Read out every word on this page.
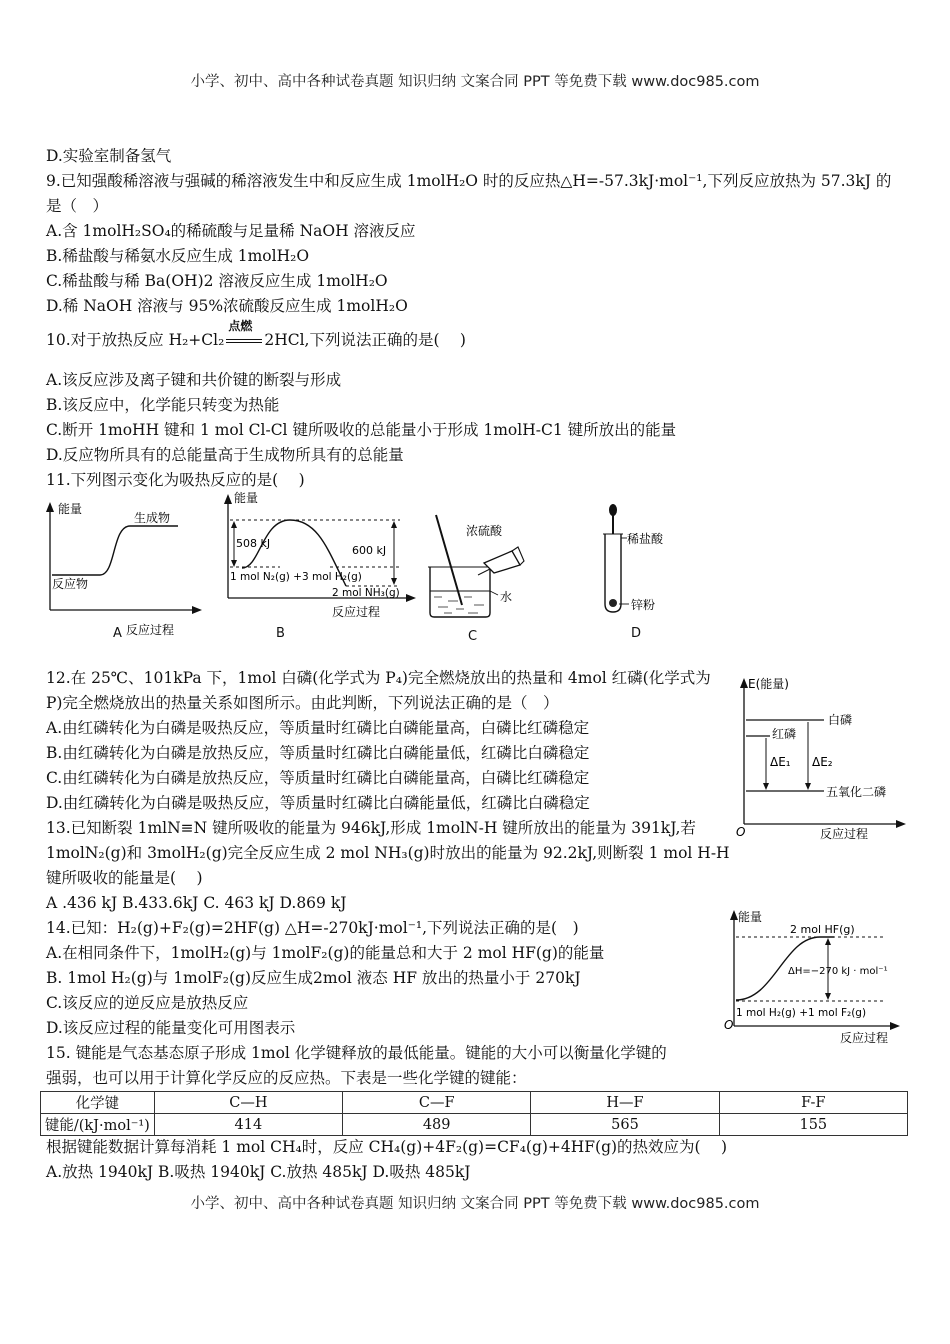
小学、初中、高中各种试卷真题 知识归纳 文案合同 PPT 等免费下载 www.doc985.com
D.实验室制备氢气
9.已知强酸稀溶液与强碱的稀溶液发生中和反应生成 1molH₂O 时的反应热△H=-57.3kJ·mol⁻¹,下列反应放热为 57.3kJ 的
是（　）
A.含 1molH₂SO₄的稀硫酸与足量稀 NaOH 溶液反应
B.稀盐酸与稀氨水反应生成 1molH₂O
C.稀盐酸与稀 Ba(OH)2 溶液反应生成 1molH₂O
D.稀 NaOH 溶液与 95%浓硫酸反应生成 1molH₂O
10.对于放热反应 H₂+Cl₂
点燃
2HCl,下列说法正确的是(　 )
A.该反应涉及离子键和共价键的断裂与形成
B.该反应中，化学能只转变为热能
C.断开 1moHH 键和 1 mol Cl-Cl 键所吸收的总能量小于形成 1molH-C1 键所放出的能量
D.反应物所具有的总能量高于生成物所具有的总能量
11.下列图示变化为吸热反应的是(　 )
能量
生成物
反应物
反应过程
A
能量
508 kJ
600 kJ
1 mol N₂(g) +3 mol H₂(g)
2 mol NH₃(g)
反应过程
B
浓硫酸
水
C
稀盐酸
锌粉
D
12.在 25℃、101kPa 下，1mol 白磷(化学式为 P₄)完全燃烧放出的热量和 4mol 红磷(化学式为
P)完全燃烧放出的热量关系如图所示。由此判断，下列说法正确的是（　）
A.由红磷转化为白磷是吸热反应，等质量时红磷比白磷能量高，白磷比红磷稳定
B.由红磷转化为白磷是放热反应，等质量时红磷比白磷能量低，红磷比白磷稳定
C.由红磷转化为白磷是放热反应，等质量时红磷比白磷能量高，白磷比红磷稳定
D.由红磷转化为白磷是吸热反应，等质量时红磷比白磷能量低，红磷比白磷稳定
E(能量)
白磷
红磷
ΔE₁ ΔE₂
五氧化二磷
O	反应过程
13.已知断裂 1mlN≡N 键所吸收的能量为 946kJ,形成 1molN-H 键所放出的能量为 391kJ,若
1molN₂(g)和 3molH₂(g)完全反应生成 2 mol NH₃(g)时放出的能量为 92.2kJ,则断裂 1 mol H-H
键所吸收的能量是(　 )
A .436 kJ B.433.6kJ C. 463 kJ D.869 kJ
14.已知：H₂(g)+F₂(g)=2HF(g) △H=-270kJ·mol⁻¹,下列说法正确的是(　)
A.在相同条件下，1molH₂(g)与 1molF₂(g)的能量总和大于 2 mol HF(g)的能量
B. 1mol H₂(g)与 1molF₂(g)反应生成2mol 液态 HF 放出的热量小于 270kJ
C.该反应的逆反应是放热反应
D.该反应过程的能量变化可用图表示
能量
2 mol HF(g)
ΔH=−270 kJ · mol⁻¹
1 mol H₂(g) +1 mol F₂(g)
O
反应过程
15. 键能是气态基态原子形成 1mol 化学键释放的最低能量。键能的大小可以衡量化学键的
强弱，也可以用于计算化学反应的反应热。下表是一些化学键的键能：
化学键	C—H	C—F	H—F	F-F
键能/(kJ·mol⁻¹)	414	489	565	155
根据键能数据计算每消耗 1 mol CH₄时，反应 CH₄(g)+4F₂(g)=CF₄(g)+4HF(g)的热效应为(　 )
A.放热 1940kJ B.吸热 1940kJ C.放热 485kJ D.吸热 485kJ
小学、初中、高中各种试卷真题 知识归纳 文案合同 PPT 等免费下载 www.doc985.com
